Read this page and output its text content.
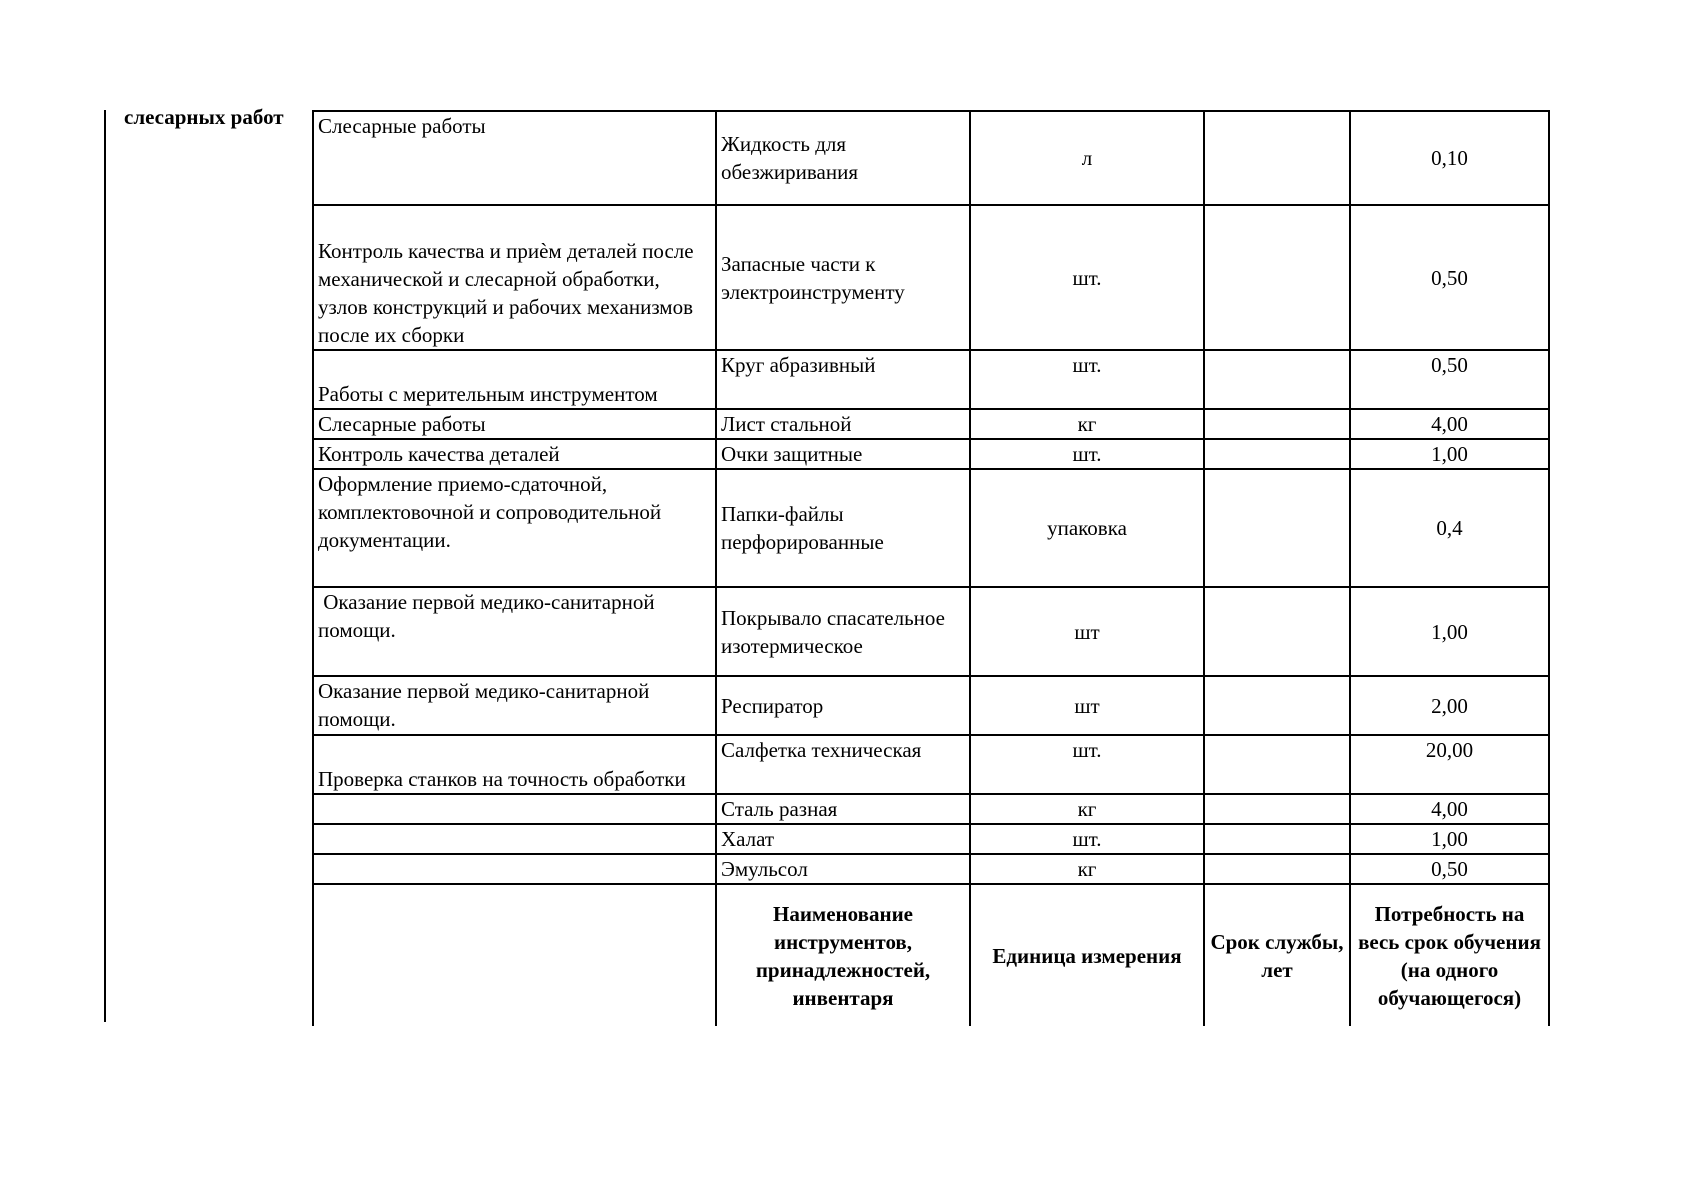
слесарных работ Слесарные работы	Жидкость для обезжиривания	л		0,10
Контроль качества и приѐм деталей после механической и слесарной обработки, узлов конструкций и рабочих механизмов после их сборки	Запасные части к электроинструменту	шт.		0,50
Работы с мерительным инструментом	Круг абразивный	шт.		0,50
Слесарные работы	Лист стальной	кг		4,00
Контроль качества деталей	Очки защитные	шт.		1,00
Оформление приемо-сдаточной, комплектовочной и сопроводительной документации.	Папки-файлы перфорированные	упаковка		0,4
Оказание первой медико-санитарной помощи.	Покрывало спасательное изотермическое	шт		1,00
Оказание первой медико-санитарной помощи.	Респиратор	шт		2,00
Проверка станков на точность обработки	Салфетка техническая	шт.		20,00
	Сталь разная	кг		4,00
	Халат	шт.		1,00
	Эмульсол	кг		0,50
	Наименование инструментов, принадлежностей, инвентаря	Единица измерения	Срок службы, лет	Потребность на весь срок обучения (на одного обучающегося)
